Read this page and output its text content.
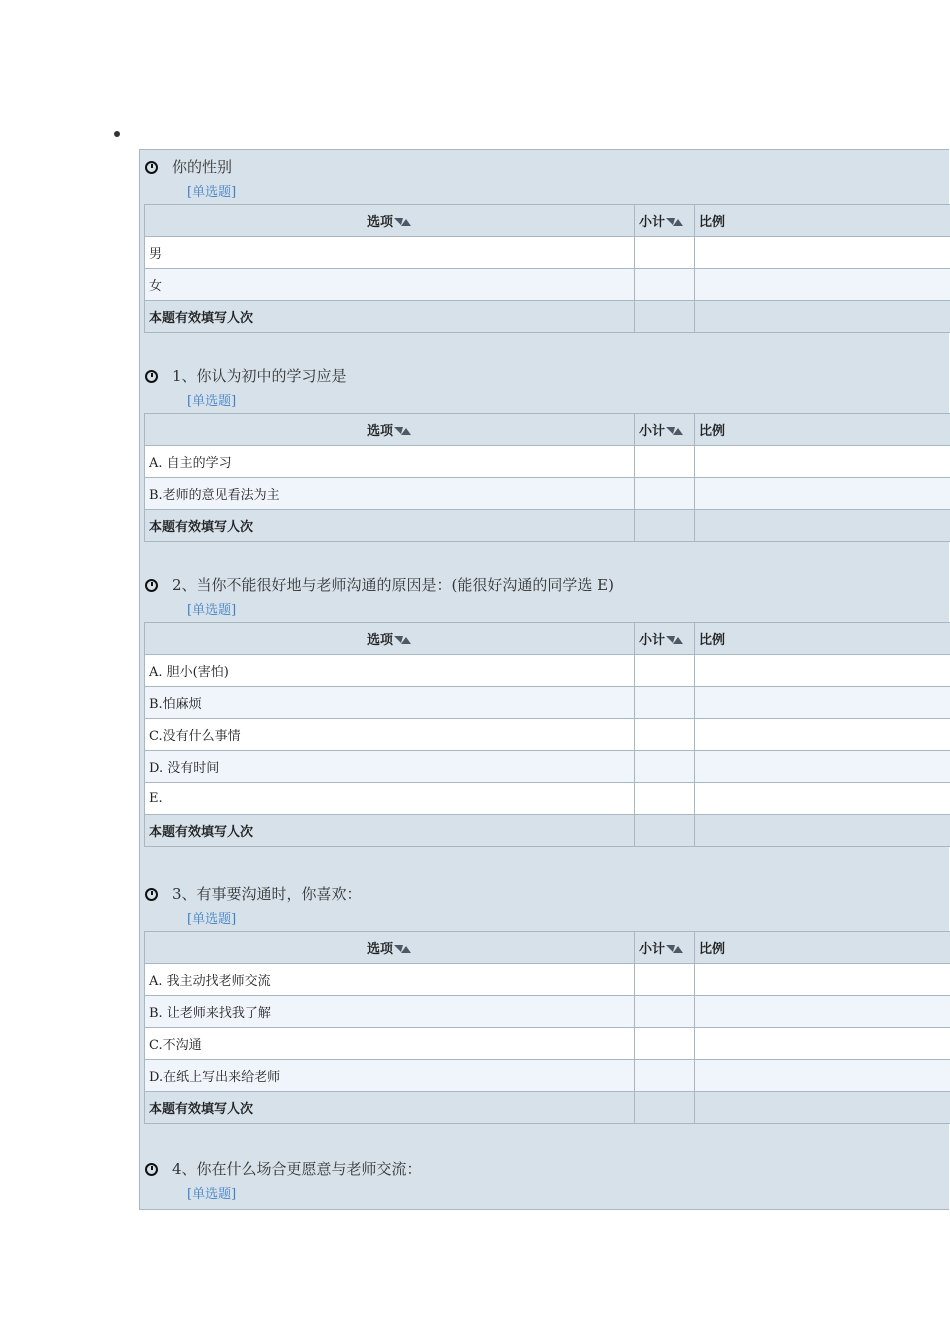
你的性别
[单选题]
选项	小计	比例
男		
女		
本题有效填写人次		
1、你认为初中的学习应是
[单选题]
选项	小计	比例
A. 自主的学习		
B.老师的意见看法为主		
本题有效填写人次		
2、当你不能很好地与老师沟通的原因是：(能很好沟通的同学选 E)
[单选题]
选项	小计	比例
A. 胆小(害怕)		
B.怕麻烦		
C.没有什么事情		
D. 没有时间		
E.		
本题有效填写人次		
3、有事要沟通时，你喜欢：
[单选题]
选项	小计	比例
A. 我主动找老师交流		
B. 让老师来找我了解		
C.不沟通		
D.在纸上写出来给老师		
本题有效填写人次		
4、你在什么场合更愿意与老师交流：
[单选题]
